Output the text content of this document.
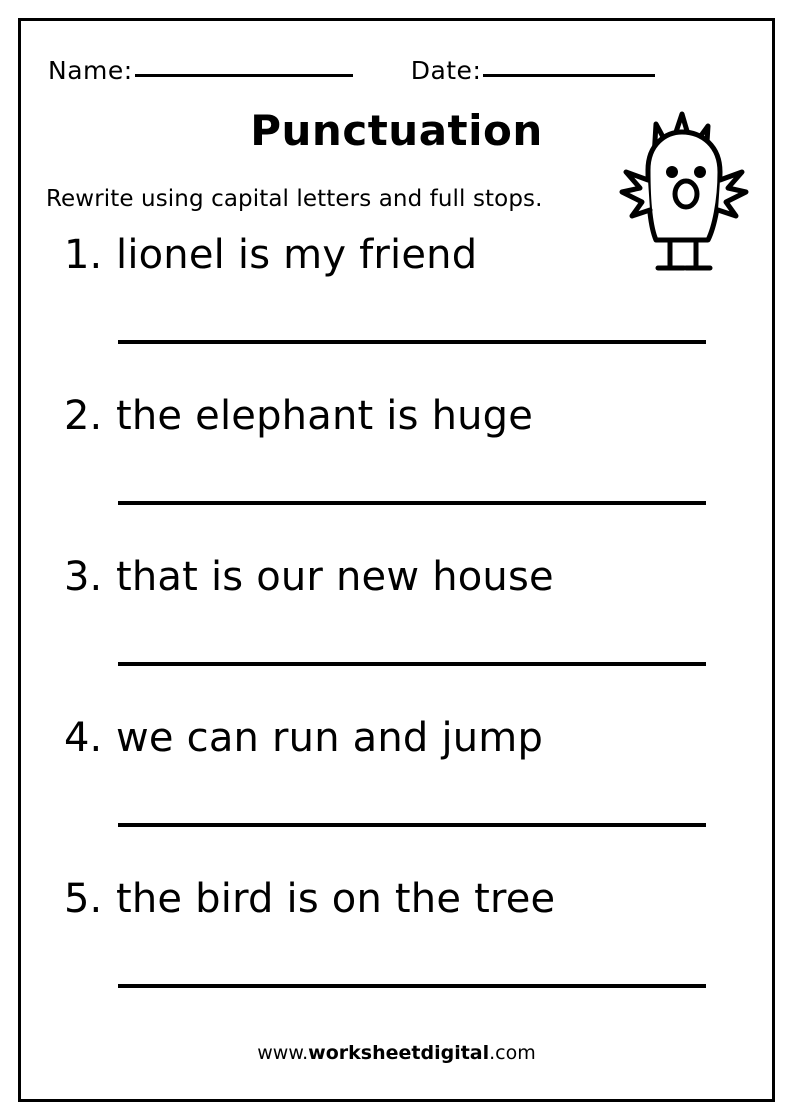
Name:	Date:
Punctuation
Rewrite using capital letters and full stops.
1. lionel is my friend
2. the elephant is huge
3. that is our new house
4. we can run and jump
5. the bird is on the tree
www.worksheetdigital.com
